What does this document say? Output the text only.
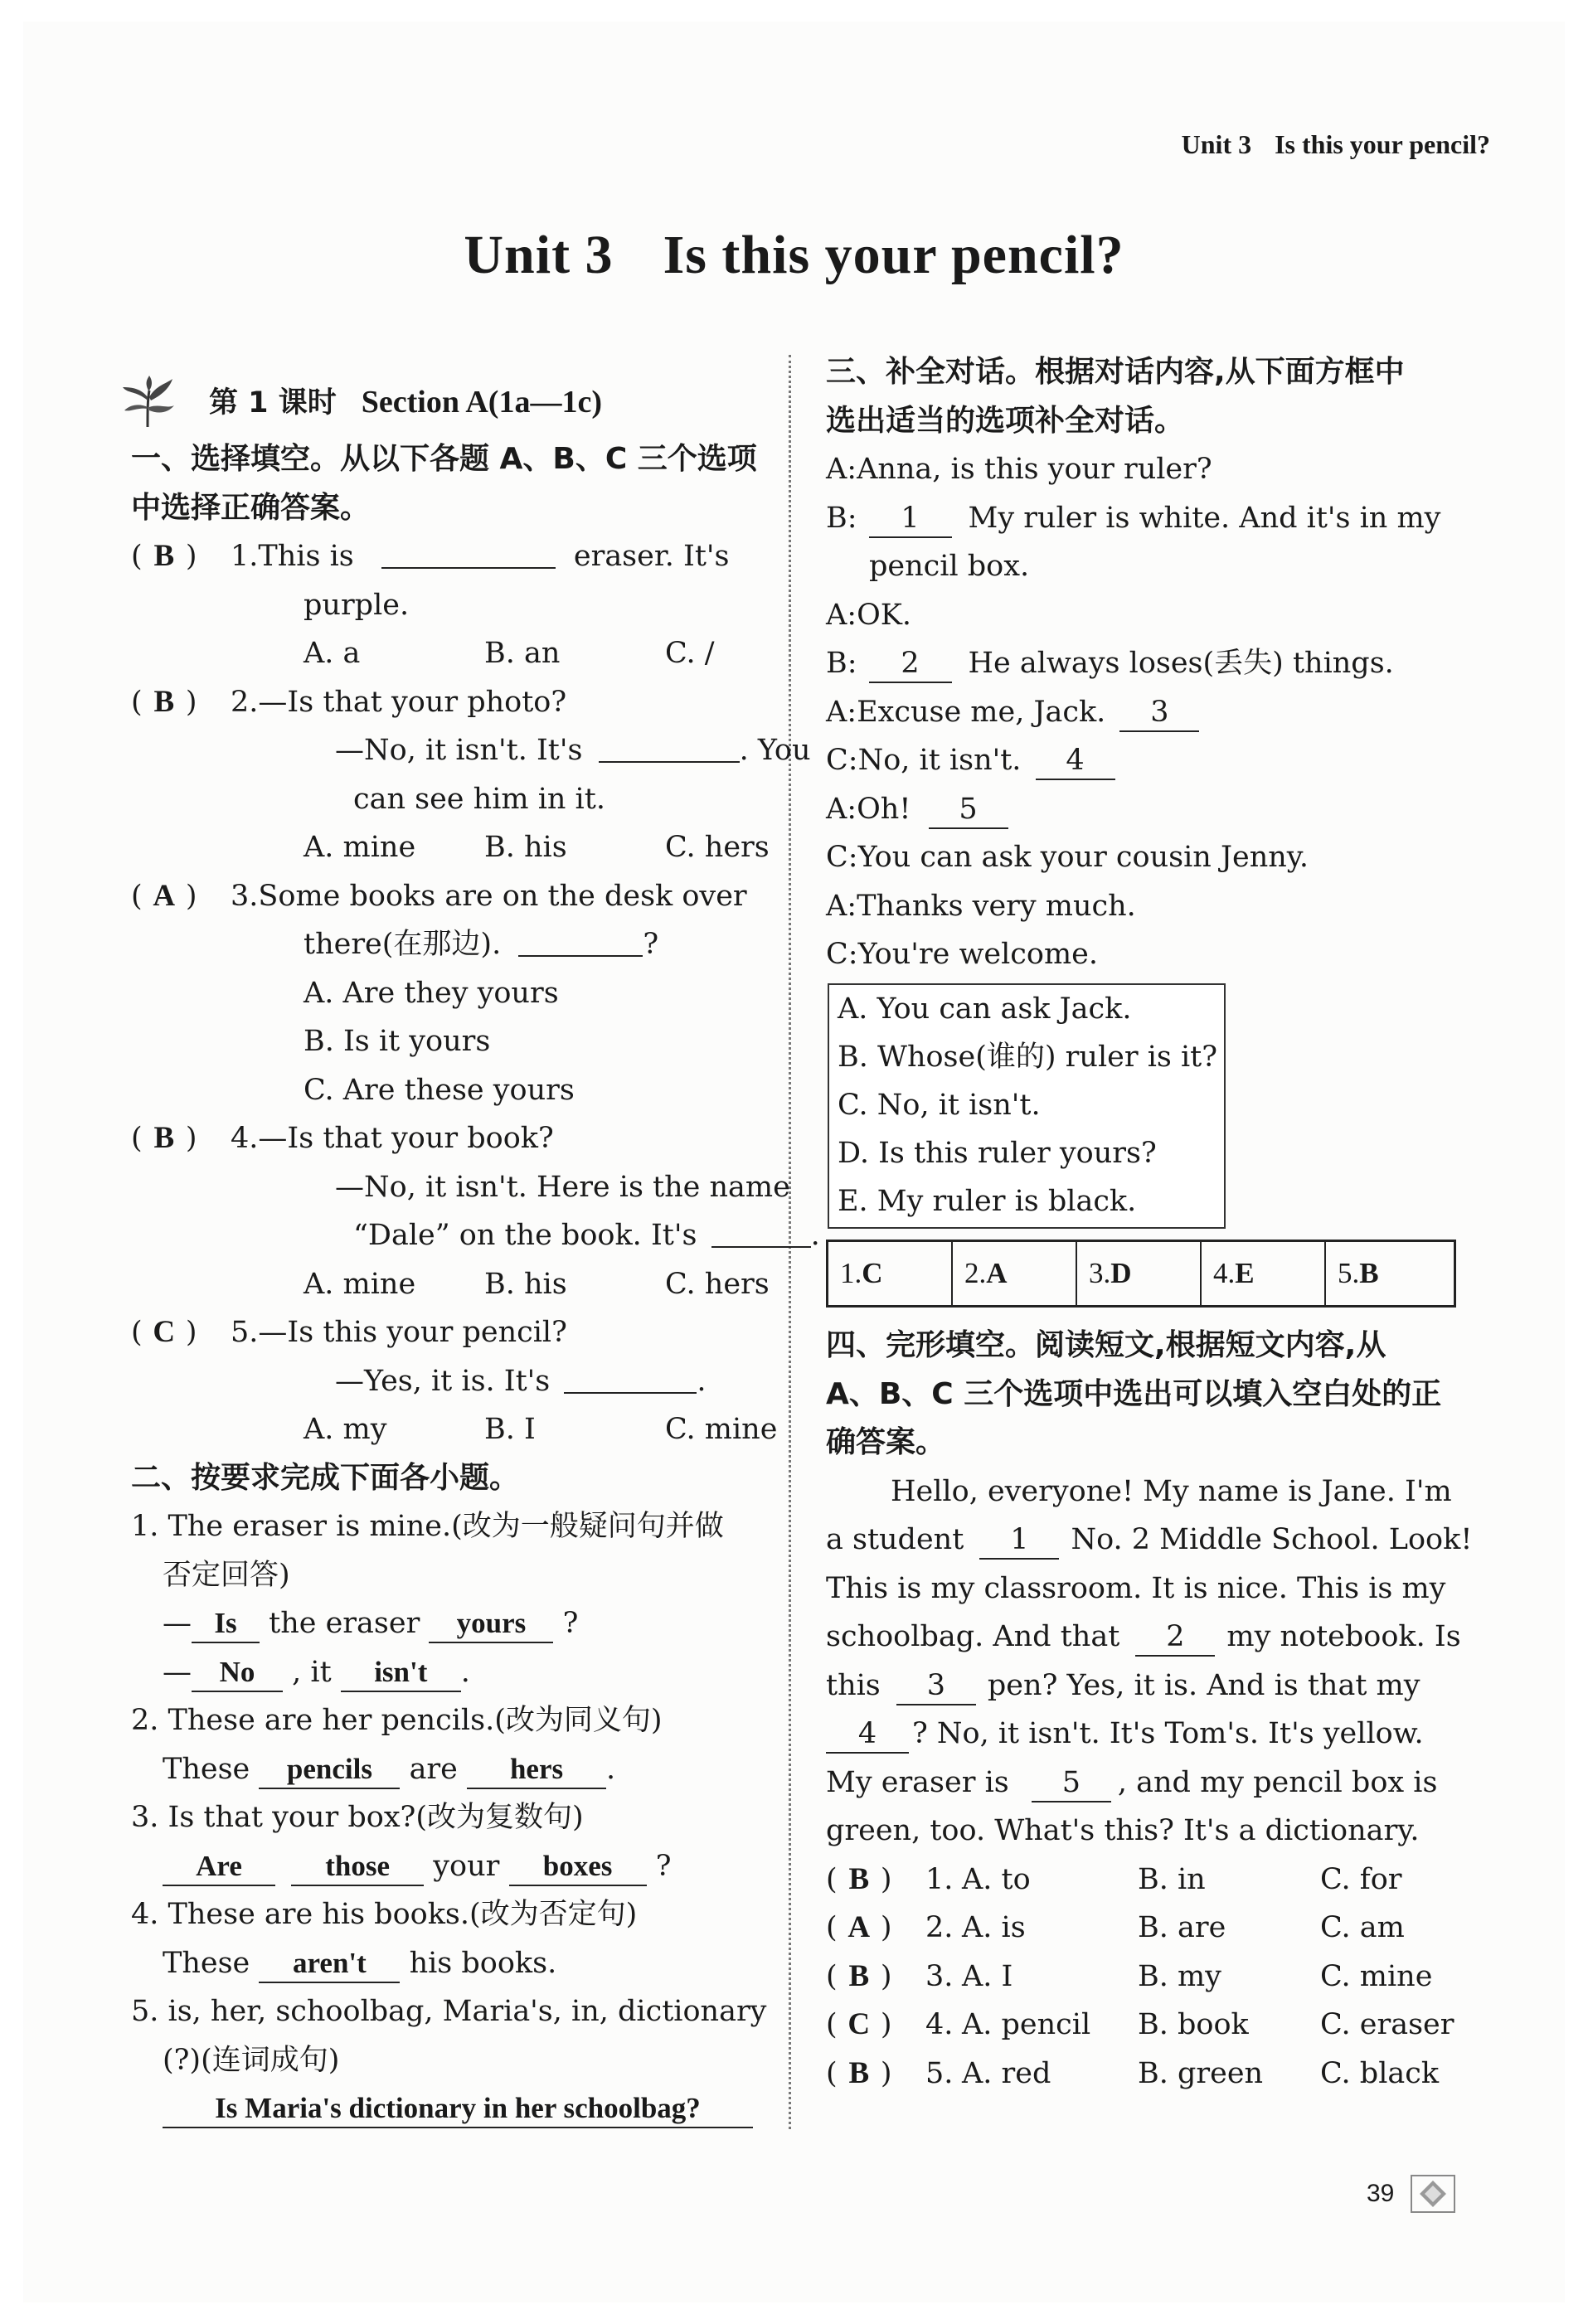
Unit 3 Is this your pencil?
Unit 3 Is this your pencil?
第 1 课时 Section A(1a—1c)
一、选择填空。从以下各题 A、B、C 三个选项
中选择正确答案。
( B ) 1.This is	eraser. It's
purple.
A. a	B. an	C. /
( B ) 2.—Is that your photo?
—No, it isn't. It's	. You
can see him in it.
A. mine B. his	C. hers
( A ) 3.Some books are on the desk over
there(在那边).	?
A. Are they yours
B. Is it yours
C. Are these yours
( B ) 4.—Is that your book?
—No, it isn't. Here is the name
“Dale” on the book. It's	.
A. mine B. his	C. hers
( C ) 5.—Is this your pencil?
—Yes, it is. It's	.
A. my	B. I	C. mine
二、按要求完成下面各小题。
1. The eraser is mine.(改为一般疑问句并做
否定回答)
— Is the eraser yours ?
— No , it isn't .
2. These are her pencils.(改为同义句)
These pencils are hers .
3. Is that your box?(改为复数句)
Are	those your boxes ?
4. These are his books.(改为否定句)
These aren't his books.
5. is, her, schoolbag, Maria's, in, dictionary
(?)(连词成句)
Is Maria's dictionary in her schoolbag?
三、补全对话。根据对话内容,从下面方框中
选出适当的选项补全对话。
A:Anna, is this your ruler?
B: 1 My ruler is white. And it's in my
pencil box.
A:OK.
B: 2 He always loses(丢失) things.
A:Excuse me, Jack. 3
C:No, it isn't. 4
A:Oh! 5
C:You can ask your cousin Jenny.
A:Thanks very much.
C:You're welcome.
A. You can ask Jack.
B. Whose(谁的) ruler is it?
C. No, it isn't.
D. Is this ruler yours?
E. My ruler is black.
1.C	2.A	3.D	4.E	5.B
四、完形填空。阅读短文,根据短文内容,从
A、B、C 三个选项中选出可以填入空白处的正
确答案。
Hello, everyone! My name is Jane. I'm
a student 1 No. 2 Middle School. Look!
This is my classroom. It is nice. This is my
schoolbag. And that 2 my notebook. Is
this 3 pen? Yes, it is. And is that my
4 ? No, it isn't. It's Tom's. It's yellow.
My eraser is 5 , and my pencil box is
green, too. What's this? It's a dictionary.
( B ) 1. A. to	B. in	C. for
( A ) 2. A. is	B. are	C. am
( B ) 3. A. I	B. my	C. mine
( C ) 4. A. pencil B. book C. eraser
( B ) 5. A. red	B. green C. black
39
